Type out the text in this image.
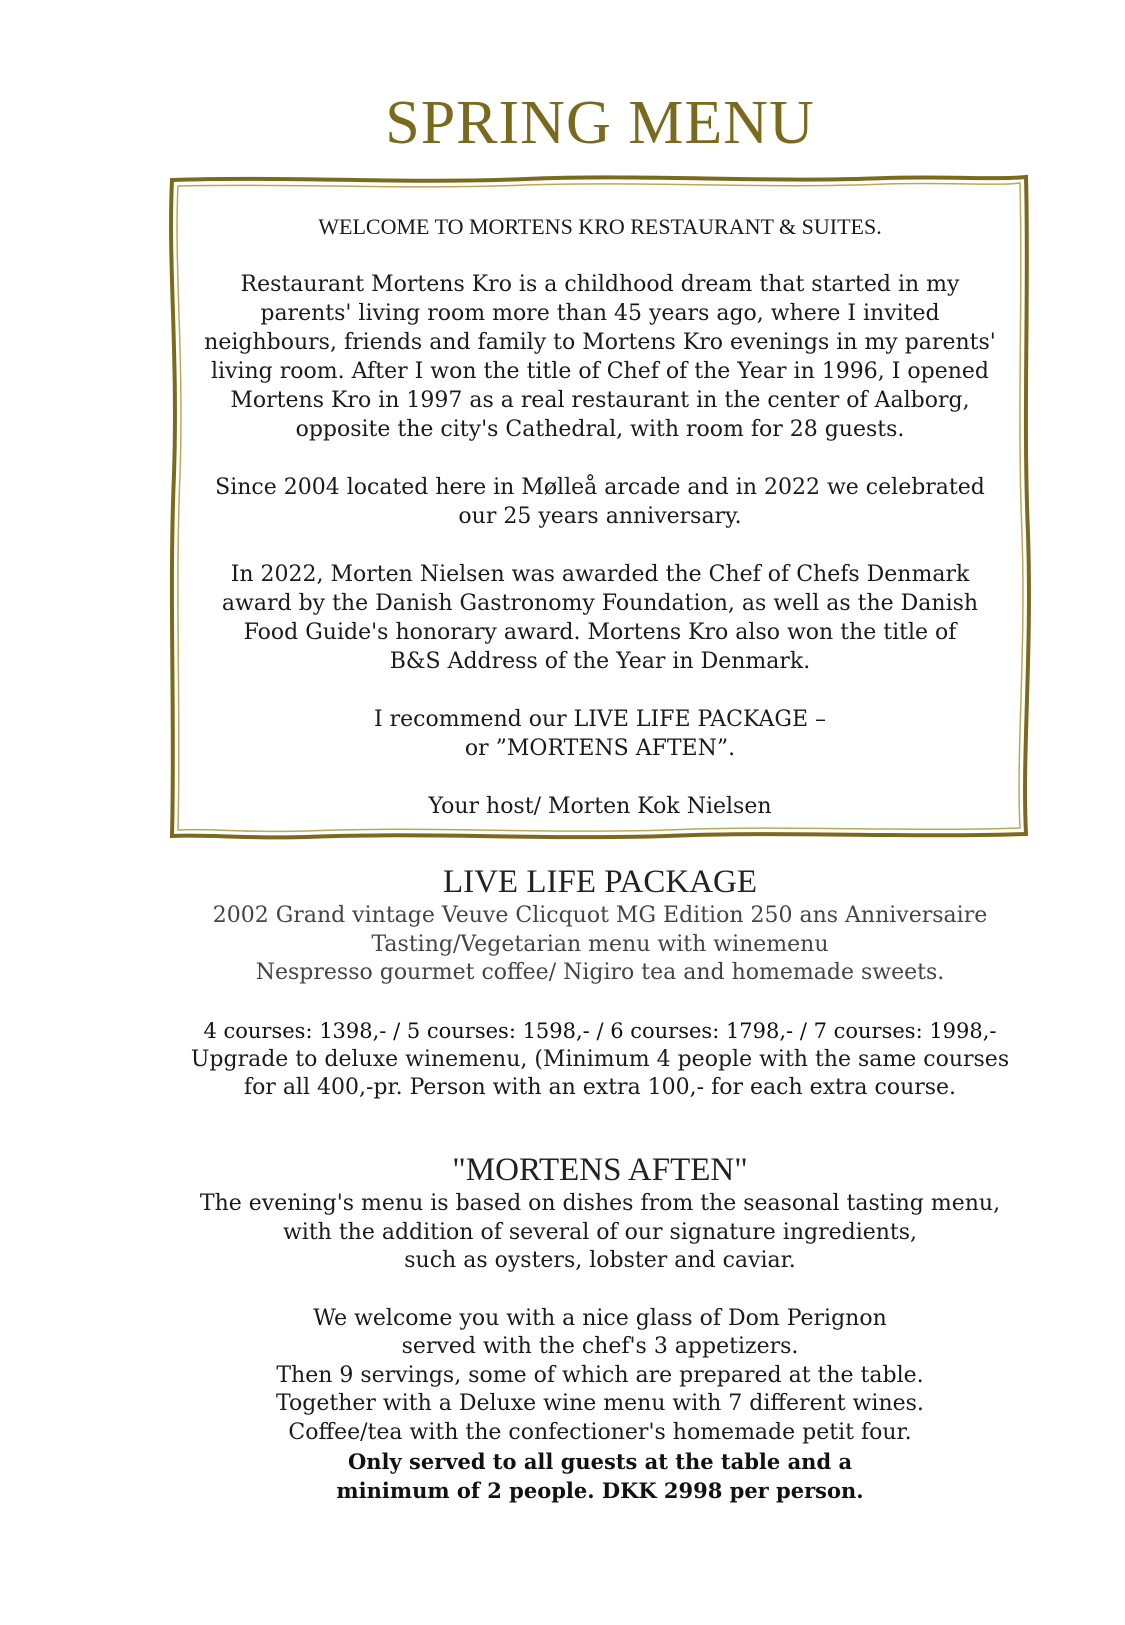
SPRING MENU

WELCOME TO MORTENS KRO RESTAURANT & SUITES.

Restaurant Mortens Kro is a childhood dream that started in my
parents' living room more than 45 years ago, where I invited
neighbours, friends and family to Mortens Kro evenings in my parents'
living room. After I won the title of Chef of the Year in 1996, I opened
Mortens Kro in 1997 as a real restaurant in the center of Aalborg,
opposite the city's Cathedral, with room for 28 guests.

Since 2004 located here in Mølleå arcade and in 2022 we celebrated
our 25 years anniversary.

In 2022, Morten Nielsen was awarded the Chef of Chefs Denmark
award by the Danish Gastronomy Foundation, as well as the Danish
Food Guide's honorary award. Mortens Kro also won the title of
B&S Address of the Year in Denmark.

I recommend our LIVE LIFE PACKAGE –
or ”MORTENS AFTEN”.

Your host/ Morten Kok Nielsen

LIVE LIFE PACKAGE

2002 Grand vintage Veuve Clicquot MG Edition 250 ans Anniversaire
Tasting/Vegetarian menu with winemenu
Nespresso gourmet coffee/ Nigiro tea and homemade sweets.

4 courses: 1398,- / 5 courses: 1598,- / 6 courses: 1798,- / 7 courses: 1998,-

Upgrade to deluxe winemenu, (Minimum 4 people with the same courses
for all 400,-pr. Person with an extra 100,- for each extra course.

"MORTENS AFTEN"

The evening's menu is based on dishes from the seasonal tasting menu,
with the addition of several of our signature ingredients,
such as oysters, lobster and caviar.

We welcome you with a nice glass of Dom Perignon
served with the chef's 3 appetizers.
Then 9 servings, some of which are prepared at the table.
Together with a Deluxe wine menu with 7 different wines.
Coffee/tea with the confectioner's homemade petit four.

Only served to all guests at the table and a
minimum of 2 people. DKK 2998 per person.
